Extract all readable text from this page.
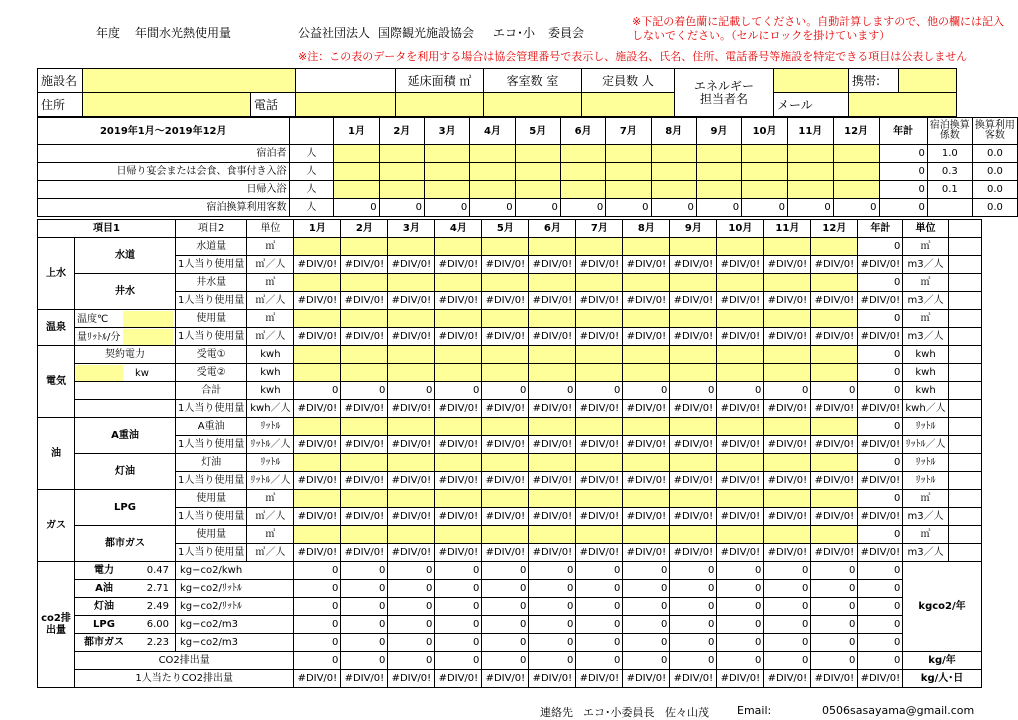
年度 年間水光熱使用量	公益社団法人 国際観光施設協会 エコ･小 委員会
※下記の着色蘭に記載してください。自動計算しますので、他の欄には記入
しないでください。（セルにロックを掛けています）
※注：この表のデータを利用する場合は協会管理番号で表示し、施設名、氏名、住所、電話番号等施設を特定できる項目は公表しません
施設名				延床面積 ㎡	客室数 室	定員数 人	エネルギー
担当者名		携帯:	
住所		電話						メール		
2019年1月～2019年12月		1月	2月	3月	4月	5月	6月	7月	8月	9月	10月	11月	12月	年計	宿泊換算
係数	換算利用
客数
宿泊者	人													0	1.0	0.0
日帰り宴会または会食、食事付き入浴	人													0	0.3	0.0
日帰入浴	人													0	0.1	0.0
宿泊換算利用客数	人	0	0	0	0	0	0	0	0	0	0	0	0	0		0.0
項目1		項目2	単位	1月	2月	3月	4月	5月	6月	7月	8月	9月	10月	11月	12月	年計	単位	
上水	水道	水道量	㎥													0	㎥	
		1人当り使用量	㎥／人	#DIV/0!	#DIV/0!	#DIV/0!	#DIV/0!	#DIV/0!	#DIV/0!	#DIV/0!	#DIV/0!	#DIV/0!	#DIV/0!	#DIV/0!	#DIV/0!	#DIV/0!	m3／人	
	井水	井水量	㎥													0	㎥	
		1人当り使用量	㎥／人	#DIV/0!	#DIV/0!	#DIV/0!	#DIV/0!	#DIV/0!	#DIV/0!	#DIV/0!	#DIV/0!	#DIV/0!	#DIV/0!	#DIV/0!	#DIV/0!	#DIV/0!	m3／人	
温泉	温度℃	使用量	㎥													0	㎥	
	量ﾘｯﾄﾙ/分	1人当り使用量	㎥／人	#DIV/0!	#DIV/0!	#DIV/0!	#DIV/0!	#DIV/0!	#DIV/0!	#DIV/0!	#DIV/0!	#DIV/0!	#DIV/0!	#DIV/0!	#DIV/0!	#DIV/0!	m3／人	
電気	契約電力	受電①	kwh													0	kwh	
	kw	受電②	kwh													0	kwh	
		合計	kwh	0	0	0	0	0	0	0	0	0	0	0	0	0	kwh	
		1人当り使用量	kwh／人	#DIV/0!	#DIV/0!	#DIV/0!	#DIV/0!	#DIV/0!	#DIV/0!	#DIV/0!	#DIV/0!	#DIV/0!	#DIV/0!	#DIV/0!	#DIV/0!	#DIV/0!	kwh／人	
油	A重油	A重油	ﾘｯﾄﾙ													0	ﾘｯﾄﾙ	
		1人当り使用量	ﾘｯﾄﾙ／人	#DIV/0!	#DIV/0!	#DIV/0!	#DIV/0!	#DIV/0!	#DIV/0!	#DIV/0!	#DIV/0!	#DIV/0!	#DIV/0!	#DIV/0!	#DIV/0!	#DIV/0!	ﾘｯﾄﾙ／人	
	灯油	灯油	ﾘｯﾄﾙ													0	ﾘｯﾄﾙ	
		1人当り使用量	ﾘｯﾄﾙ／人	#DIV/0!	#DIV/0!	#DIV/0!	#DIV/0!	#DIV/0!	#DIV/0!	#DIV/0!	#DIV/0!	#DIV/0!	#DIV/0!	#DIV/0!	#DIV/0!	#DIV/0!	ﾘｯﾄﾙ	
ガス	LPG	使用量	㎥													0	㎥	
		1人当り使用量	㎥／人	#DIV/0!	#DIV/0!	#DIV/0!	#DIV/0!	#DIV/0!	#DIV/0!	#DIV/0!	#DIV/0!	#DIV/0!	#DIV/0!	#DIV/0!	#DIV/0!	#DIV/0!	m3／人	
	都市ガス	使用量	㎥													0	㎥	
		1人当り使用量	㎥／人	#DIV/0!	#DIV/0!	#DIV/0!	#DIV/0!	#DIV/0!	#DIV/0!	#DIV/0!	#DIV/0!	#DIV/0!	#DIV/0!	#DIV/0!	#DIV/0!	#DIV/0!	m3／人	
co2排出量	電力 0.47	kg−co2/kwh		0	0	0	0	0	0	0	0	0	0	0	0	0	kgco2/年	
	A油 2.71	kg−co2/ﾘｯﾄﾙ		0	0	0	0	0	0	0	0	0	0	0	0	0		
	灯油 2.49	kg−co2/ﾘｯﾄﾙ		0	0	0	0	0	0	0	0	0	0	0	0	0		
	LPG 6.00	kg−co2/m3		0	0	0	0	0	0	0	0	0	0	0	0	0		
	都市ガス 2.23	kg−co2/m3		0	0	0	0	0	0	0	0	0	0	0	0	0		
	CO2排出量			0	0	0	0	0	0	0	0	0	0	0	0	0	kg/年	
	1人当たりCO2排出量			#DIV/0!	#DIV/0!	#DIV/0!	#DIV/0!	#DIV/0!	#DIV/0!	#DIV/0!	#DIV/0!	#DIV/0!	#DIV/0!	#DIV/0!	#DIV/0!	#DIV/0!	kg/人･日	
連絡先 エコ･小委員長 佐々山茂	Email:	0506sasayama@gmail.com
